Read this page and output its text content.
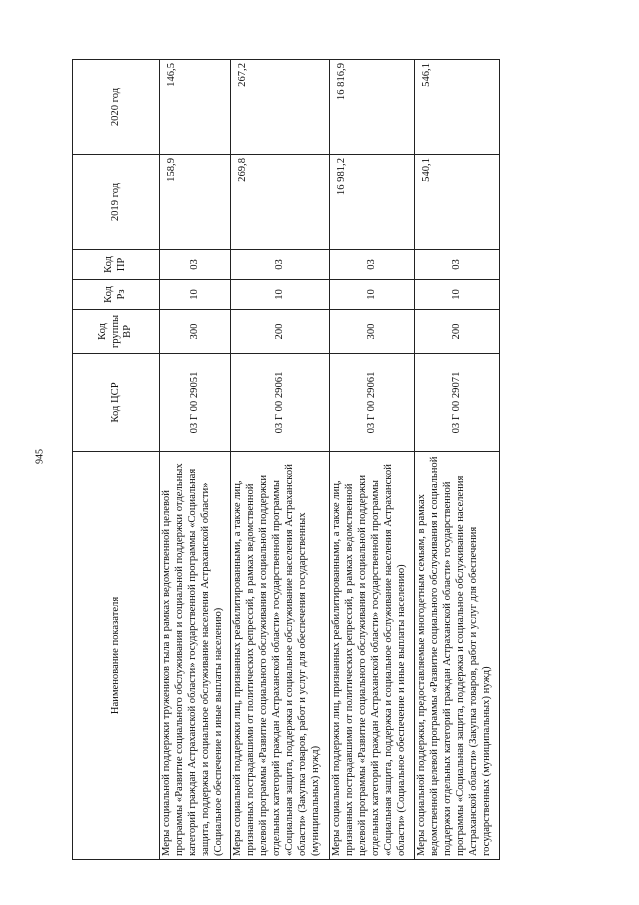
945
Наименование показателя	Код ЦСР	Код группы ВР	Код Рз	Код ПР	2019 год	2020 год
Меры социальной поддержки тружеников тыла в рамках ведомственной целевой программы «Развитие социального обслуживания и социальной поддержки отдельных категорий граждан Астраханской области» государственной программы «Социальная защита, поддержка и социальное обслуживание населения Астраханской области» (Социальное обеспечение и иные выплаты населению)	03 Г 00 29051	300	10	03	158,9	146,5
Меры социальной поддержки лиц, признанных реабилитированными, а также лиц, признанных пострадавшими от политических репрессий, в рамках ведомственной целевой программы «Развитие социального обслуживания и социальной поддержки отдельных категорий граждан Астраханской области» государственной программы «Социальная защита, поддержка и социальное обслуживание населения Астраханской области» (Закупка товаров, работ и услуг для обеспечения государственных (муниципальных) нужд)	03 Г 00 29061	200	10	03	269,8	267,2
Меры социальной поддержки лиц, признанных реабилитированными, а также лиц, признанных пострадавшими от политических репрессий, в рамках ведомственной целевой программы «Развитие социального обслуживания и социальной поддержки отдельных категорий граждан Астраханской области» государственной программы «Социальная защита, поддержка и социальное обслуживание населения Астраханской области» (Социальное обеспечение и иные выплаты населению)	03 Г 00 29061	300	10	03	16 981,2	16 816,9
Меры социальной поддержки, предоставляемые многодетным семьям, в рамках ведомственной целевой программы «Развитие социального обслуживания и социальной поддержки отдельных категорий граждан Астраханской области» государственной программы «Социальная защита, поддержка и социальное обслуживание населения Астраханской области» (Закупка товаров, работ и услуг для обеспечения государственных (муниципальных) нужд)	03 Г 00 29071	200	10	03	540,1	546,1
